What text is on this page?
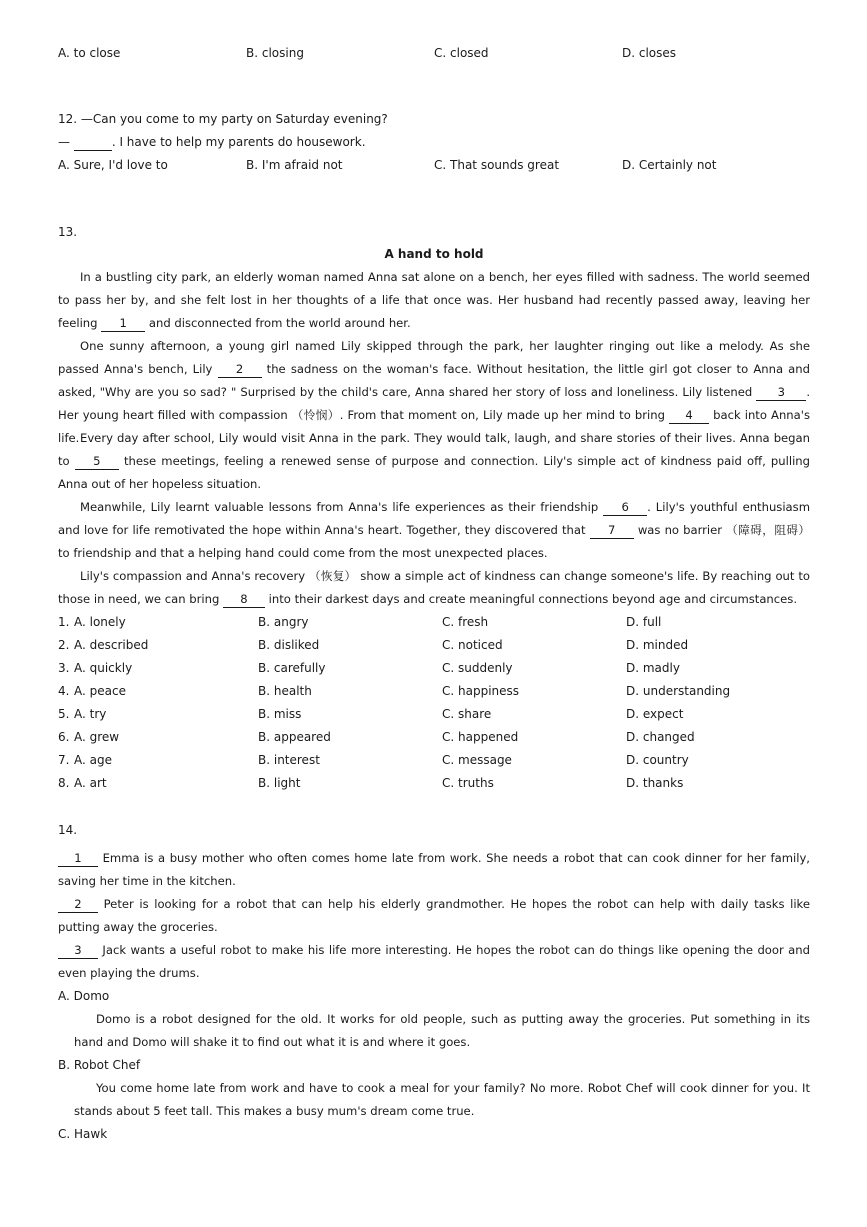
A. to close	B. closing	C. closed	D. closes
12. —Can you come to my party on Saturday evening?
—	. I have to help my parents do housework.
A. Sure, I'd love to	B. I'm afraid not	C. That sounds great	D. Certainly not
13.
A hand to hold
In a bustling city park, an elderly woman named Anna sat alone on a bench, her eyes filled with sadness. The world seemed to pass her by, and she felt lost in her thoughts of a life that once was. Her husband had recently passed away, leaving her feeling 1 and disconnected from the world around her.
One sunny afternoon, a young girl named Lily skipped through the park, her laughter ringing out like a melody. As she passed Anna's bench, Lily 2 the sadness on the woman's face. Without hesitation, the little girl got closer to Anna and asked, "Why are you so sad? " Surprised by the child's care, Anna shared her story of loss and loneliness. Lily listened 3 . Her young heart filled with compassion （怜悯）. From that moment on, Lily made up her mind to bring 4 back into Anna's life. Every day after school, Lily would visit Anna in the park. They would talk, laugh, and share stories of their lives. Anna began to 5 these meetings, feeling a renewed sense of purpose and connection. Lily's simple act of kindness paid off, pulling Anna out of her hopeless situation.
Meanwhile, Lily learnt valuable lessons from Anna's life experiences as their friendship 6 . Lily's youthful enthusiasm and love for life remotivated the hope within Anna's heart. Together, they discovered that 7 was no barrier （障碍，阻碍） to friendship and that a helping hand could come from the most unexpected places.
Lily's compassion and Anna's recovery （恢复） show a simple act of kindness can change someone's life. By reaching out to those in need, we can bring 8 into their darkest days and create meaningful connections beyond age and circumstances.
1. A. lonely	B. angry	C. fresh	D. full
2. A. described	B. disliked	C. noticed	D. minded
3. A. quickly	B. carefully	C. suddenly	D. madly
4. A. peace	B. health	C. happiness	D. understanding
5. A. try	B. miss	C. share	D. expect
6. A. grew	B. appeared	C. happened	D. changed
7. A. age	B. interest	C. message	D. country
8. A. art	B. light	C. truths	D. thanks
14.
1 Emma is a busy mother who often comes home late from work. She needs a robot that can cook dinner for her family, saving her time in the kitchen.
2 Peter is looking for a robot that can help his elderly grandmother. He hopes the robot can help with daily tasks like putting away the groceries.
3 Jack wants a useful robot to make his life more interesting. He hopes the robot can do things like opening the door and even playing the drums.
A. Domo
Domo is a robot designed for the old. It works for old people, such as putting away the groceries. Put something in its hand and Domo will shake it to find out what it is and where it goes.
B. Robot Chef
You come home late from work and have to cook a meal for your family? No more. Robot Chef will cook dinner for you. It stands about 5 feet tall. This makes a busy mum's dream come true.
C. Hawk
